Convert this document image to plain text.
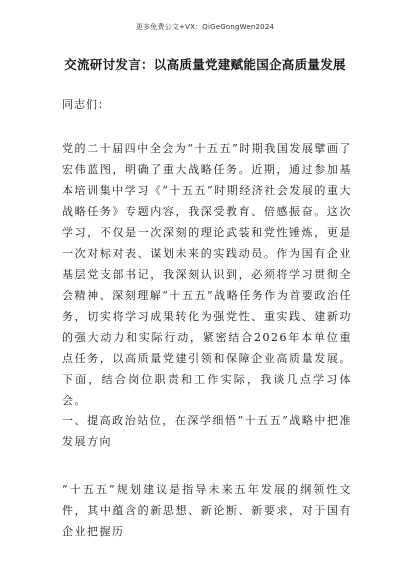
更多免费公文+VX：QiGeGongWen2024
交流研讨发言：以高质量党建赋能国企高质量发展
同志们：

党的二十届四中全会为“十五五”时期我国发展擘画了宏伟蓝图，明确了重大战略任务。近期，通过参加基本培训集中学习《“十五五”时期经济社会发展的重大战略任务》专题内容，我深受教育、倍感振奋。这次学习，不仅是一次深刻的理论武装和党性锤炼，更是一次对标对表、谋划未来的实践动员。作为国有企业基层党支部书记，我深刻认识到，必须将学习贯彻全会精神、深刻理解“十五五”战略任务作为首要政治任务，切实将学习成果转化为强党性、重实践、建新功的强大动力和实际行动，紧密结合2026年本单位重点任务，以高质量党建引领和保障企业高质量发展。下面，结合岗位职责和工作实际，我谈几点学习体会。

一、提高政治站位，在深学细悟“十五五”战略中把准发展方向

“十五五”规划建议是指导未来五年发展的纲领性文件，其中蕴含的新思想、新论断、新要求，对于国有企业把握历
